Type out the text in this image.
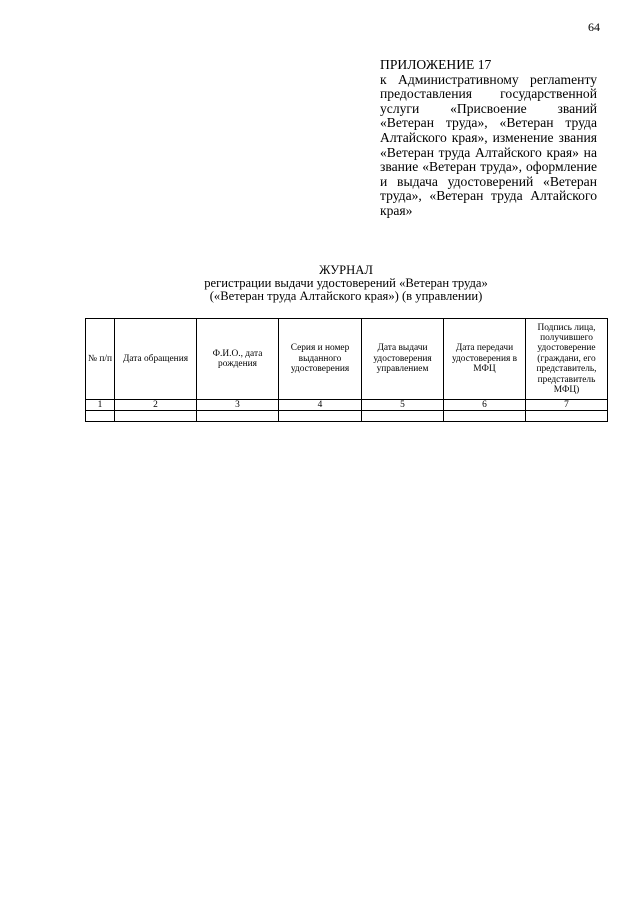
64
ПРИЛОЖЕНИЕ 17
к Административному реглаmенту предоставления государственной услуги «Присвоение званий «Ветеран труда», «Ветеран труда Алтайского края», изменение звания «Ветеран труда Алтайского края» на звание «Ветеран труда», оформление и выдача удостоверений «Ветеран труда», «Ветеран труда Алтайского края»
ЖУРНАЛ
регистрации выдачи удостоверений «Ветеран труда»
(«Ветеран труда Алтайского края») (в управлении)
№ п/п	Дата обращения	Ф.И.О., дата рождения	Серия и номер выданного удостоверения	Дата выдачи удостоверения управлением	Дата передачи удостоверения в МФЦ	Подпись лица, получившего удостоверение (граждани, его представитель, представитель МФЦ)
1	2	3	4	5	6	7
